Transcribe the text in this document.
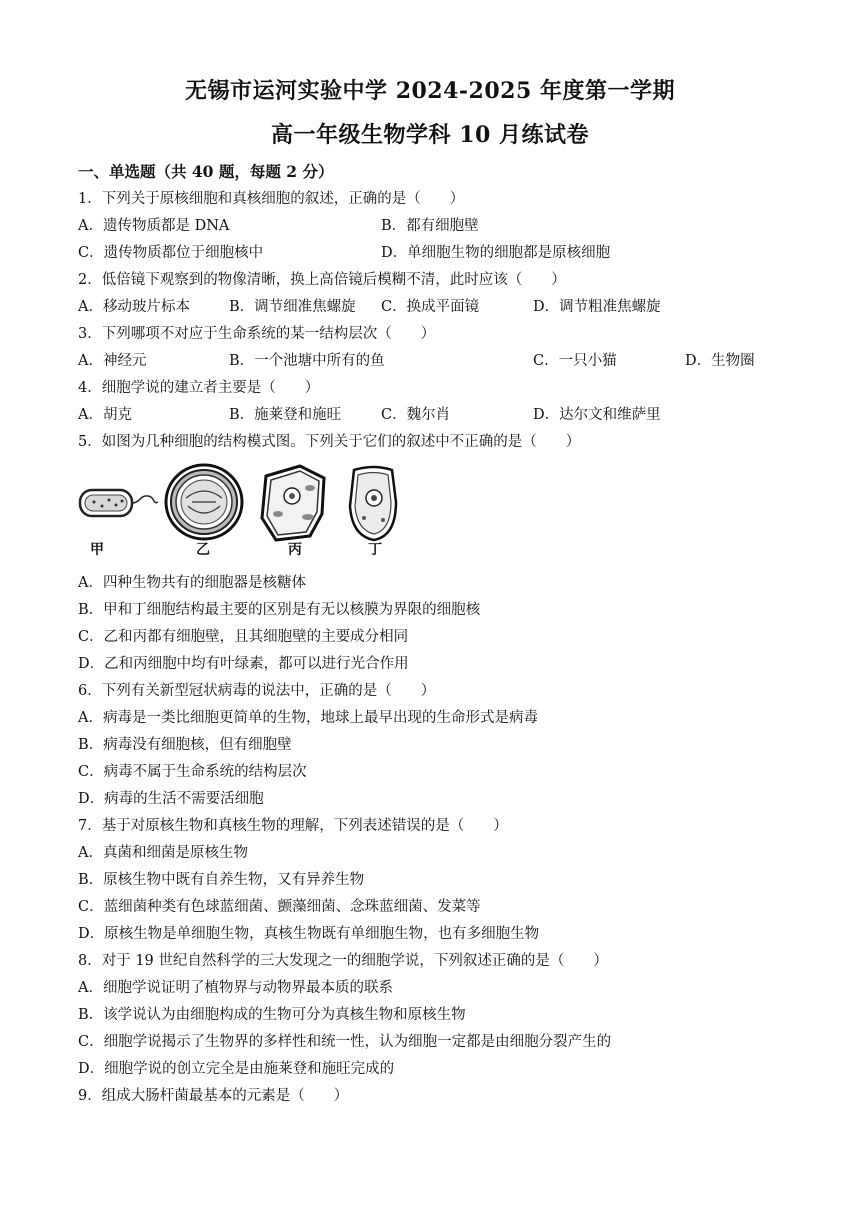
无锡市运河实验中学 2024-2025 年度第一学期
高一年级生物学科 10 月练试卷
一、单选题（共 40 题，每题 2 分）
1．下列关于原核细胞和真核细胞的叙述，正确的是（　　）
A．遗传物质都是 DNA	B．都有细胞壁
C．遗传物质都位于细胞核中	D．单细胞生物的细胞都是原核细胞
2．低倍镜下观察到的物像清晰，换上高倍镜后模糊不清，此时应该（　　）
A．移动玻片标本	B．调节细准焦螺旋 C．换成平面镜	D．调节粗准焦螺旋
3．下列哪项不对应于生命系统的某一结构层次（　　）
A．神经元	B．一个池塘中所有的鱼	C．一只小猫	D．生物圈
4．细胞学说的建立者主要是（　　）
A．胡克	B．施莱登和施旺	C．魏尔肖	D．达尔文和维萨里
5．如图为几种细胞的结构模式图。下列关于它们的叙述中不正确的是（　　）
甲	乙	丙	丁
A．四种生物共有的细胞器是核糖体
B．甲和丁细胞结构最主要的区别是有无以核膜为界限的细胞核
C．乙和丙都有细胞壁，且其细胞壁的主要成分相同
D．乙和丙细胞中均有叶绿素，都可以进行光合作用
6．下列有关新型冠状病毒的说法中，正确的是（　　）
A．病毒是一类比细胞更简单的生物，地球上最早出现的生命形式是病毒
B．病毒没有细胞核，但有细胞壁
C．病毒不属于生命系统的结构层次
D．病毒的生活不需要活细胞
7．基于对原核生物和真核生物的理解，下列表述错误的是（　　）
A．真菌和细菌是原核生物
B．原核生物中既有自养生物，又有异养生物
C．蓝细菌种类有色球蓝细菌、颤藻细菌、念珠蓝细菌、发菜等
D．原核生物是单细胞生物，真核生物既有单细胞生物，也有多细胞生物
8．对于 19 世纪自然科学的三大发现之一的细胞学说，下列叙述正确的是（　　）
A．细胞学说证明了植物界与动物界最本质的联系
B．该学说认为由细胞构成的生物可分为真核生物和原核生物
C．细胞学说揭示了生物界的多样性和统一性，认为细胞一定都是由细胞分裂产生的
D．细胞学说的创立完全是由施莱登和施旺完成的
9．组成大肠杆菌最基本的元素是（　　）
